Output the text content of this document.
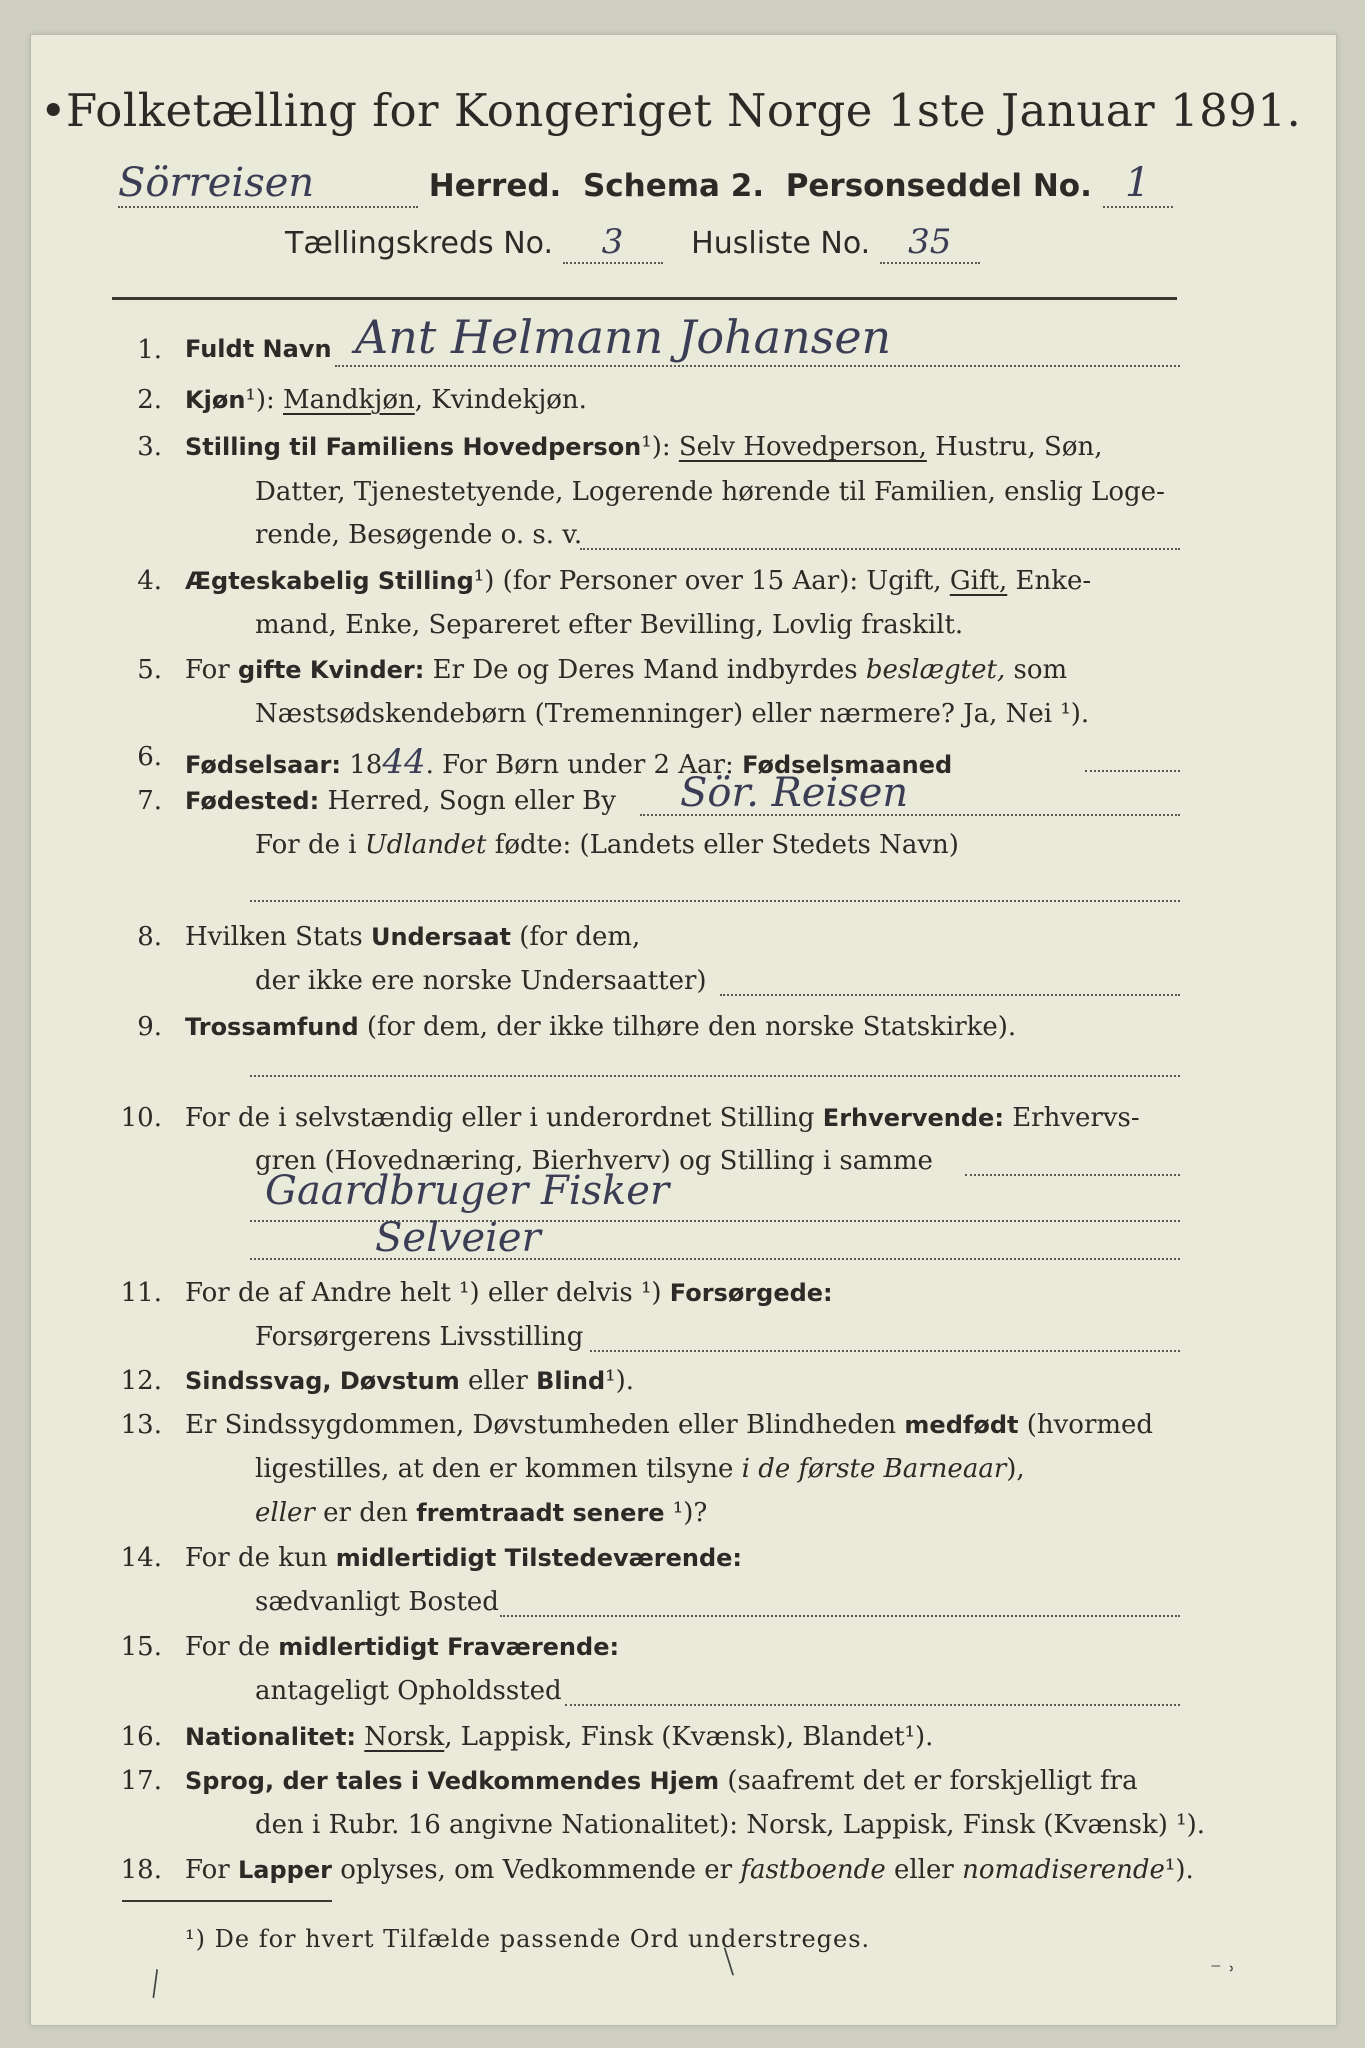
•
Folketælling for Kongeriget Norge 1ste Januar 1891.
Sörreisen	Herred. Schema 2. Personseddel No. 1
Tællingskreds No. 3 Husliste No. 35
1. Fuldt Navn Ant Helmann Johansen
2. Kjøn¹): Mandkjøn, Kvindekjøn.
3. Stilling til Familiens Hovedperson¹): Selv Hovedperson, Hustru, Søn,
Datter, Tjenestetyende, Logerende hørende til Familien, enslig Loge-
rende, Besøgende o. s. v.
4. Ægteskabelig Stilling¹) (for Personer over 15 Aar): Ugift, Gift, Enke-
mand, Enke, Separeret efter Bevilling, Lovlig fraskilt.
5. For gifte Kvinder: Er De og Deres Mand indbyrdes beslægtet, som
Næstsødskendebørn (Tremenninger) eller nærmere? Ja, Nei ¹).
6. Fødselsaar: 1844. For Børn under 2 Aar: Fødselsmaaned
7. Fødested: Herred, Sogn eller By Sör. Reisen
For de i Udlandet fødte: (Landets eller Stedets Navn)
8. Hvilken Stats Undersaat (for dem,
der ikke ere norske Undersaatter)
9. Trossamfund (for dem, der ikke tilhøre den norske Statskirke).
10. For de i selvstændig eller i underordnet Stilling Erhvervende: Erhvervs-
gren (Hovednæring, Bierhverv) og Stilling i samme
Gaardbruger Fisker
Selveier
11. For de af Andre helt ¹) eller delvis ¹) Forsørgede:
Forsørgerens Livsstilling
12. Sindssvag, Døvstum eller Blind¹).
13. Er Sindssygdommen, Døvstumheden eller Blindheden medfødt (hvormed
ligestilles, at den er kommen tilsyne i de første Barneaar),
eller er den fremtraadt senere ¹)?
14. For de kun midlertidigt Tilstedeværende:
sædvanligt Bosted
15. For de midlertidigt Fraværende:
antageligt Opholdssted
16. Nationalitet: Norsk, Lappisk, Finsk (Kvænsk), Blandet¹).
17. Sprog, der tales i Vedkommendes Hjem (saafremt det er forskjelligt fra
den i Rubr. 16 angivne Nationalitet): Norsk, Lappisk, Finsk (Kvænsk) ¹).
18. For Lapper oplyses, om Vedkommende er fastboende eller nomadiserende¹).
¹) De for hvert Tilfælde passende Ord understreges.
╲
╲	⁻ ˒
